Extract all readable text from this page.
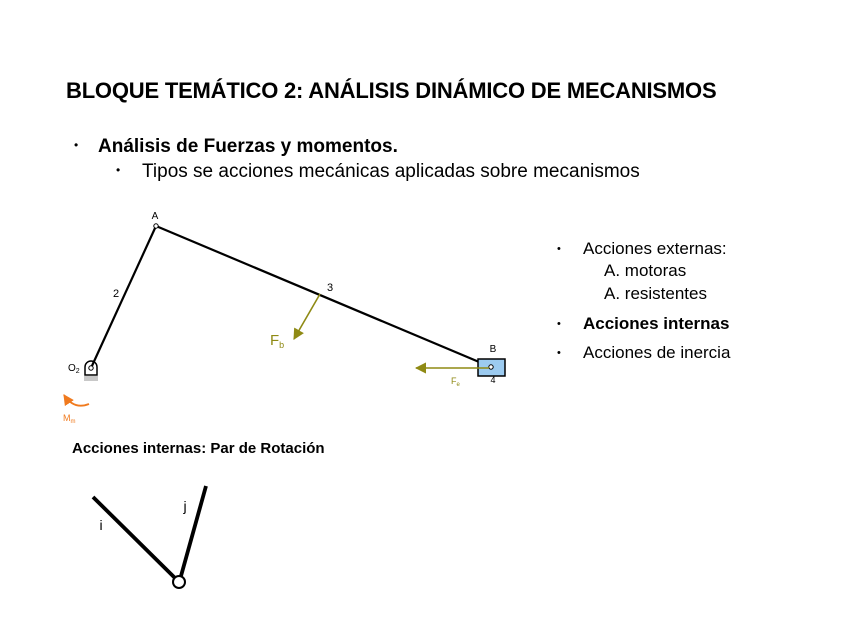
BLOQUE TEMÁTICO 2: ANÁLISIS DINÁMICO DE MECANISMOS
• Análisis de Fuerzas y momentos.
• Tipos se acciones mecánicas aplicadas sobre mecanismos
• Acciones externas:
A. motoras
A. resistentes
• Acciones internas
• Acciones de inercia
A
2	3
B
4
$O_2$
$F_b$
$F_e$
$M_m$
i
j
Acciones internas: Par de Rotación
